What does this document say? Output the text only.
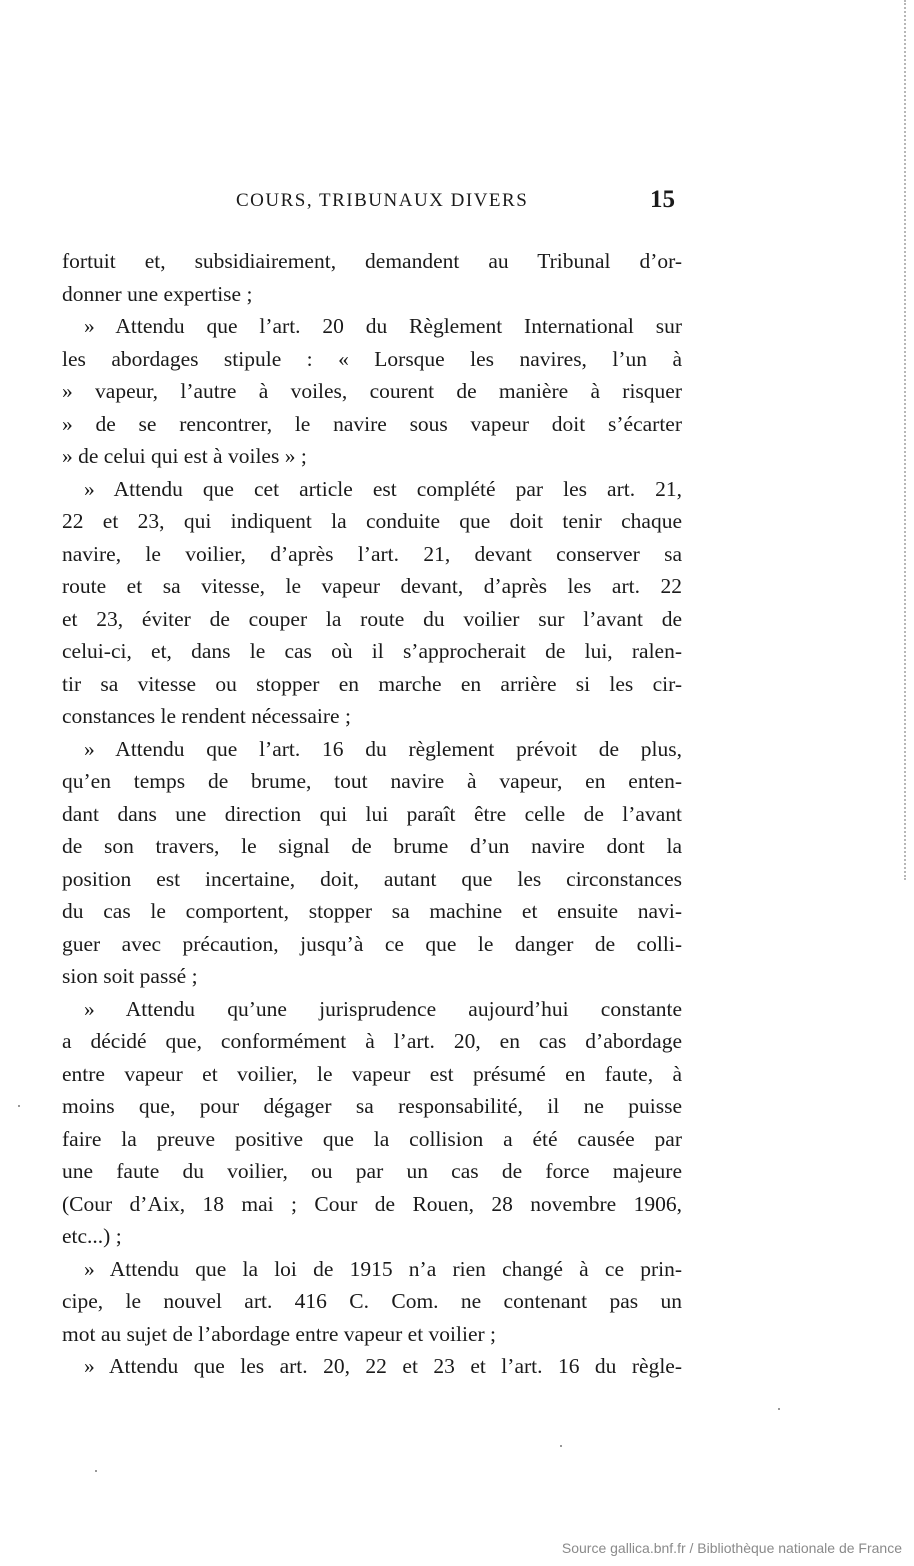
COURS, TRIBUNAUX DIVERS	15
fortuit et, subsidiairement, demandent au Tribunal d’or-
donner une expertise ;
» Attendu que l’art. 20 du Règlement International sur
les abordages stipule : « Lorsque les navires, l’un à
» vapeur, l’autre à voiles, courent de manière à risquer
» de se rencontrer, le navire sous vapeur doit s’écarter
» de celui qui est à voiles » ;
» Attendu que cet article est complété par les art. 21,
22 et 23, qui indiquent la conduite que doit tenir chaque
navire, le voilier, d’après l’art. 21, devant conserver sa
route et sa vitesse, le vapeur devant, d’après les art. 22
et 23, éviter de couper la route du voilier sur l’avant de
celui-ci, et, dans le cas où il s’approcherait de lui, ralen-
tir sa vitesse ou stopper en marche en arrière si les cir-
constances le rendent nécessaire ;
» Attendu que l’art. 16 du règlement prévoit de plus,
qu’en temps de brume, tout navire à vapeur, en enten-
dant dans une direction qui lui paraît être celle de l’avant
de son travers, le signal de brume d’un navire dont la
position est incertaine, doit, autant que les circonstances
du cas le comportent, stopper sa machine et ensuite navi-
guer avec précaution, jusqu’à ce que le danger de colli-
sion soit passé ;
» Attendu qu’une jurisprudence aujourd’hui constante
a décidé que, conformément à l’art. 20, en cas d’abordage
entre vapeur et voilier, le vapeur est présumé en faute, à
moins que, pour dégager sa responsabilité, il ne puisse
faire la preuve positive que la collision a été causée par
une faute du voilier, ou par un cas de force majeure
(Cour d’Aix, 18 mai ; Cour de Rouen, 28 novembre 1906,
etc...) ;
» Attendu que la loi de 1915 n’a rien changé à ce prin-
cipe, le nouvel art. 416 C. Com. ne contenant pas un
mot au sujet de l’abordage entre vapeur et voilier ;
» Attendu que les art. 20, 22 et 23 et l’art. 16 du règle-
Source gallica.bnf.fr / Bibliothèque nationale de France
